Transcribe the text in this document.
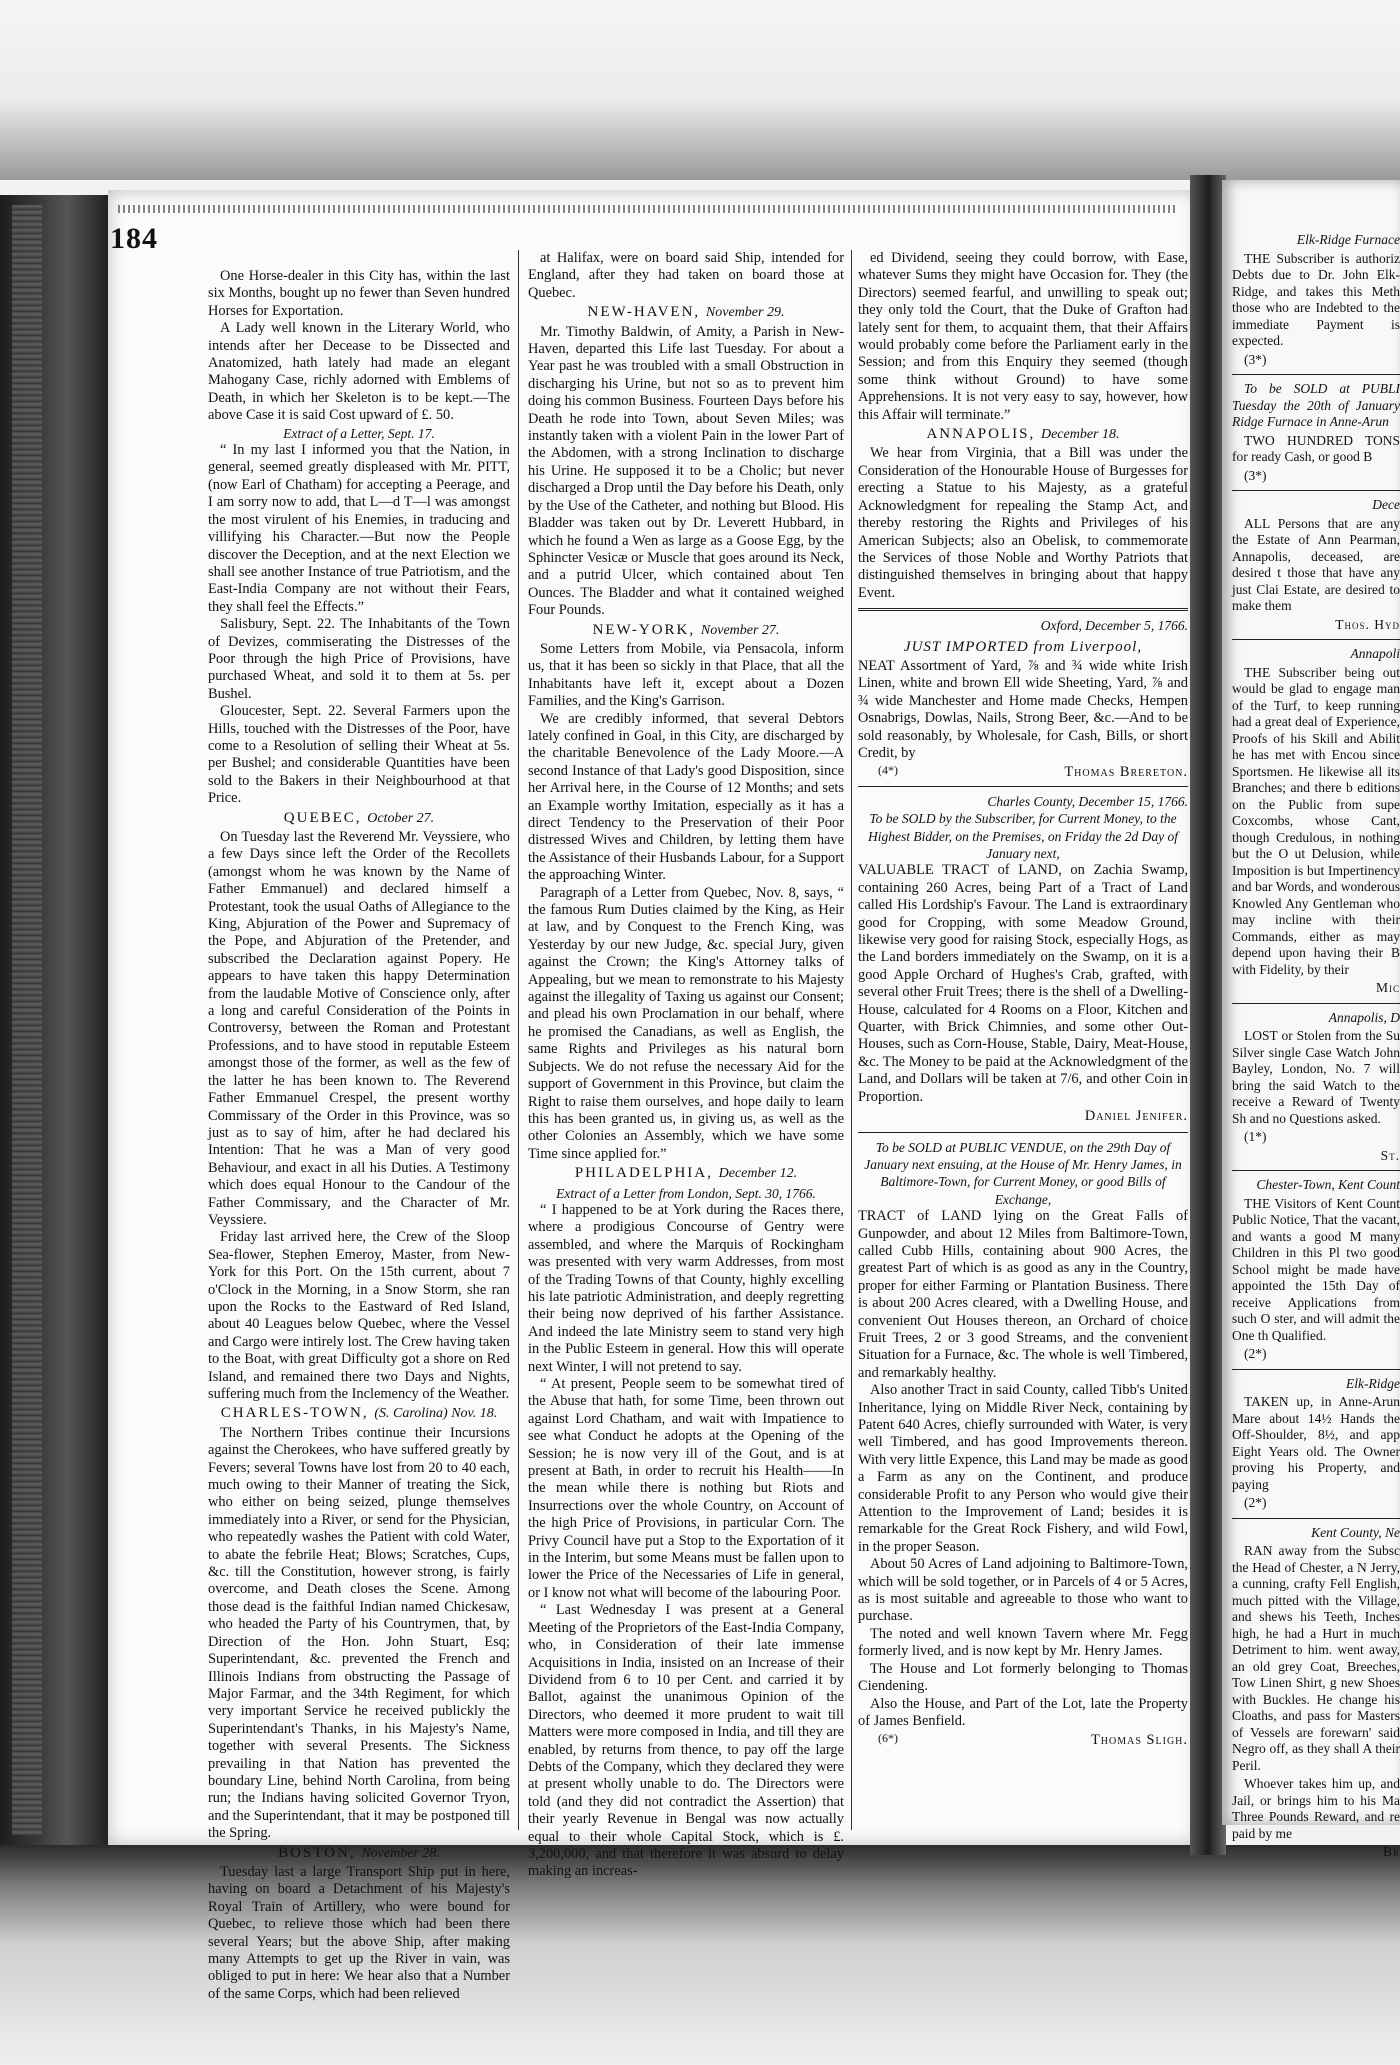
184

One Horse-dealer in this City has, within the last six Months, bought up no fewer than Seven hundred Horses for Exportation.

A Lady well known in the Literary World, who intends after her Decease to be Dissected and Anatomized, hath lately had made an elegant Mahogany Case, richly adorned with Emblems of Death, in which her Skeleton is to be kept.—The above Case it is said Cost upward of £. 50.

Extract of a Letter, Sept. 17.

“ In my last I informed you that the Nation, in general, seemed greatly displeased with Mr. PITT, (now Earl of Chatham) for accepting a Peerage, and I am sorry now to add, that L—d T—l was amongst the most virulent of his Enemies, in traducing and villifying his Character.—But now the People discover the Deception, and at the next Election we shall see another Instance of true Patriotism, and the East-India Company are not without their Fears, they shall feel the Effects.”

Salisbury, Sept. 22. The Inhabitants of the Town of Devizes, commiserating the Distresses of the Poor through the high Price of Provisions, have purchased Wheat, and sold it to them at 5s. per Bushel.

Gloucester, Sept. 22. Several Farmers upon the Hills, touched with the Distresses of the Poor, have come to a Resolution of selling their Wheat at 5s. per Bushel; and considerable Quantities have been sold to the Bakers in their Neighbourhood at that Price.

QUEBEC, October 27.

On Tuesday last the Reverend Mr. Veyssiere, who a few Days since left the Order of the Recollets (amongst whom he was known by the Name of Father Emmanuel) and declared himself a Protestant, took the usual Oaths of Allegiance to the King, Abjuration of the Power and Supremacy of the Pope, and Abjuration of the Pretender, and subscribed the Declaration against Popery. He appears to have taken this happy Determination from the laudable Motive of Conscience only, after a long and careful Consideration of the Points in Controversy, between the Roman and Protestant Professions, and to have stood in reputable Esteem amongst those of the former, as well as the few of the latter he has been known to. The Reverend Father Emmanuel Crespel, the present worthy Commissary of the Order in this Province, was so just as to say of him, after he had declared his Intention: That he was a Man of very good Behaviour, and exact in all his Duties. A Testimony which does equal Honour to the Candour of the Father Commissary, and the Character of Mr. Veyssiere.

Friday last arrived here, the Crew of the Sloop Sea-flower, Stephen Emeroy, Master, from New-York for this Port. On the 15th current, about 7 o'Clock in the Morning, in a Snow Storm, she ran upon the Rocks to the Eastward of Red Island, about 40 Leagues below Quebec, where the Vessel and Cargo were intirely lost. The Crew having taken to the Boat, with great Difficulty got a shore on Red Island, and remained there two Days and Nights, suffering much from the Inclemency of the Weather.

CHARLES-TOWN, (S. Carolina) Nov. 18.

The Northern Tribes continue their Incursions against the Cherokees, who have suffered greatly by Fevers; several Towns have lost from 20 to 40 each, much owing to their Manner of treating the Sick, who either on being seized, plunge themselves immediately into a River, or send for the Physician, who repeatedly washes the Patient with cold Water, to abate the febrile Heat; Blows; Scratches, Cups, &c. till the Constitution, however strong, is fairly overcome, and Death closes the Scene. Among those dead is the faithful Indian named Chickesaw, who headed the Party of his Countrymen, that, by Direction of the Hon. John Stuart, Esq; Superintendant, &c. prevented the French and Illinois Indians from obstructing the Passage of Major Farmar, and the 34th Regiment, for which very important Service he received publickly the Superintendant's Thanks, in his Majesty's Name, together with several Presents. The Sickness prevailing in that Nation has prevented the boundary Line, behind North Carolina, from being run; the Indians having solicited Governor Tryon, and the Superintendant, that it may be postponed till the Spring.

BOSTON, November 28.

Tuesday last a large Transport Ship put in here, having on board a Detachment of his Majesty's Royal Train of Artillery, who were bound for Quebec, to relieve those which had been there several Years; but the above Ship, after making many Attempts to get up the River in vain, was obliged to put in here: We hear also that a Number of the same Corps, which had been relieved

at Halifax, were on board said Ship, intended for England, after they had taken on board those at Quebec.

NEW-HAVEN, November 29.

Mr. Timothy Baldwin, of Amity, a Parish in New-Haven, departed this Life last Tuesday. For about a Year past he was troubled with a small Obstruction in discharging his Urine, but not so as to prevent him doing his common Business. Fourteen Days before his Death he rode into Town, about Seven Miles; was instantly taken with a violent Pain in the lower Part of the Abdomen, with a strong Inclination to discharge his Urine. He supposed it to be a Cholic; but never discharged a Drop until the Day before his Death, only by the Use of the Catheter, and nothing but Blood. His Bladder was taken out by Dr. Leverett Hubbard, in which he found a Wen as large as a Goose Egg, by the Sphincter Vesicæ or Muscle that goes around its Neck, and a putrid Ulcer, which contained about Ten Ounces. The Bladder and what it contained weighed Four Pounds.

NEW-YORK, November 27.

Some Letters from Mobile, via Pensacola, inform us, that it has been so sickly in that Place, that all the Inhabitants have left it, except about a Dozen Families, and the King's Garrison.

We are credibly informed, that several Debtors lately confined in Goal, in this City, are discharged by the charitable Benevolence of the Lady Moore.—A second Instance of that Lady's good Disposition, since her Arrival here, in the Course of 12 Months; and sets an Example worthy Imitation, especially as it has a direct Tendency to the Preservation of their Poor distressed Wives and Children, by letting them have the Assistance of their Husbands Labour, for a Support the approaching Winter.

Paragraph of a Letter from Quebec, Nov. 8, says, “ the famous Rum Duties claimed by the King, as Heir at law, and by Conquest to the French King, was Yesterday by our new Judge, &c. special Jury, given against the Crown; the King's Attorney talks of Appealing, but we mean to remonstrate to his Majesty against the illegality of Taxing us against our Consent; and plead his own Proclamation in our behalf, where he promised the Canadians, as well as English, the same Rights and Privileges as his natural born Subjects. We do not refuse the necessary Aid for the support of Government in this Province, but claim the Right to raise them ourselves, and hope daily to learn this has been granted us, in giving us, as well as the other Colonies an Assembly, which we have some Time since applied for.”

PHILADELPHIA, December 12.
Extract of a Letter from London, Sept. 30, 1766.

“ I happened to be at York during the Races there, where a prodigious Concourse of Gentry were assembled, and where the Marquis of Rockingham was presented with very warm Addresses, from most of the Trading Towns of that County, highly excelling his late patriotic Administration, and deeply regretting their being now deprived of his farther Assistance. And indeed the late Ministry seem to stand very high in the Public Esteem in general. How this will operate next Winter, I will not pretend to say.

“ At present, People seem to be somewhat tired of the Abuse that hath, for some Time, been thrown out against Lord Chatham, and wait with Impatience to see what Conduct he adopts at the Opening of the Session; he is now very ill of the Gout, and is at present at Bath, in order to recruit his Health——In the mean while there is nothing but Riots and Insurrections over the whole Country, on Account of the high Price of Provisions, in particular Corn. The Privy Council have put a Stop to the Exportation of it in the Interim, but some Means must be fallen upon to lower the Price of the Necessaries of Life in general, or I know not what will become of the labouring Poor.

“ Last Wednesday I was present at a General Meeting of the Proprietors of the East-India Company, who, in Consideration of their late immense Acquisitions in India, insisted on an Increase of their Dividend from 6 to 10 per Cent. and carried it by Ballot, against the unanimous Opinion of the Directors, who deemed it more prudent to wait till Matters were more composed in India, and till they are enabled, by returns from thence, to pay off the large Debts of the Company, which they declared they were at present wholly unable to do. The Directors were told (and they did not contradict the Assertion) that their yearly Revenue in Bengal was now actually equal to their whole Capital Stock, which is £. 3,200,000, and that therefore it was absurd to delay making an increas-

ed Dividend, seeing they could borrow, with Ease, whatever Sums they might have Occasion for. They (the Directors) seemed fearful, and unwilling to speak out; they only told the Court, that the Duke of Grafton had lately sent for them, to acquaint them, that their Affairs would probably come before the Parliament early in the Session; and from this Enquiry they seemed (though some think without Ground) to have some Apprehensions. It is not very easy to say, however, how this Affair will terminate.”

ANNAPOLIS, December 18.

We hear from Virginia, that a Bill was under the Consideration of the Honourable House of Burgesses for erecting a Statue to his Majesty, as a grateful Acknowledgment for repealing the Stamp Act, and thereby restoring the Rights and Privileges of his American Subjects; also an Obelisk, to commemorate the Services of those Noble and Worthy Patriots that distinguished themselves in bringing about that happy Event.

Oxford, December 5, 1766.
JUST IMPORTED from Liverpool,

NEAT Assortment of Yard, ⅞ and ¾ wide white Irish Linen, white and brown Ell wide Sheeting, Yard, ⅞ and ¾ wide Manchester and Home made Checks, Hempen Osnabrigs, Dowlas, Nails, Strong Beer, &c.—And to be sold reasonably, by Wholesale, for Cash, Bills, or short Credit, by

(4*)	Thomas Brereton.
Charles County, December 15, 1766.
To be SOLD by the Subscriber, for Current Money, to the Highest Bidder, on the Premises, on Friday the 2d Day of January next,

VALUABLE TRACT of LAND, on Zachia Swamp, containing 260 Acres, being Part of a Tract of Land called His Lordship's Favour. The Land is extraordinary good for Cropping, with some Meadow Ground, likewise very good for raising Stock, especially Hogs, as the Land borders immediately on the Swamp, on it is a good Apple Orchard of Hughes's Crab, grafted, with several other Fruit Trees; there is the shell of a Dwelling-House, calculated for 4 Rooms on a Floor, Kitchen and Quarter, with Brick Chimnies, and some other Out-Houses, such as Corn-House, Stable, Dairy, Meat-House, &c. The Money to be paid at the Acknowledgment of the Land, and Dollars will be taken at 7/6, and other Coin in Proportion.

Daniel Jenifer.
To be SOLD at PUBLIC VENDUE, on the 29th Day of January next ensuing, at the House of Mr. Henry James, in Baltimore-Town, for Current Money, or good Bills of Exchange,

TRACT of LAND lying on the Great Falls of Gunpowder, and about 12 Miles from Baltimore-Town, called Cubb Hills, containing about 900 Acres, the greatest Part of which is as good as any in the Country, proper for either Farming or Plantation Business. There is about 200 Acres cleared, with a Dwelling House, and convenient Out Houses thereon, an Orchard of choice Fruit Trees, 2 or 3 good Streams, and the convenient Situation for a Furnace, &c. The whole is well Timbered, and remarkably healthy.

Also another Tract in said County, called Tibb's United Inheritance, lying on Middle River Neck, containing by Patent 640 Acres, chiefly surrounded with Water, is very well Timbered, and has good Improvements thereon. With very little Expence, this Land may be made as good a Farm as any on the Continent, and produce considerable Profit to any Person who would give their Attention to the Improvement of Land; besides it is remarkable for the Great Rock Fishery, and wild Fowl, in the proper Season.

About 50 Acres of Land adjoining to Baltimore-Town, which will be sold together, or in Parcels of 4 or 5 Acres, as is most suitable and agreeable to those who want to purchase.

The noted and well known Tavern where Mr. Fegg formerly lived, and is now kept by Mr. Henry James.

The House and Lot formerly belonging to Thomas Ciendening.

Also the House, and Part of the Lot, late the Property of James Benfield.

(6*)	Thomas Sligh.

Elk-Ridge Furnace

THE Subscriber is authoriz Debts due to Dr. John Elk-Ridge, and takes this Meth those who are Indebted to the immediate Payment is expected.

(3*)

To be SOLD at PUBLI Tuesday the 20th of January Ridge Furnace in Anne-Arun

TWO HUNDRED TONS for ready Cash, or good B

(3*)

Dece

ALL Persons that are any the Estate of Ann Pearman, Annapolis, deceased, are desired t those that have any just Clai Estate, are desired to make them

Thos. Hyd

Annapoli

THE Subscriber being out would be glad to engage man of the Turf, to keep running had a great deal of Experience, Proofs of his Skill and Abilit he has met with Encou since Sportsmen. He likewise all its Branches; and there b editions on the Public from supe Coxcombs, whose Cant, though Credulous, in nothing but the O ut Delusion, while Imposition is but Impertinency and bar Words, and wonderous Knowled Any Gentleman who may incline with their Commands, either as may depend upon having their B with Fidelity, by their

Mic

Annapolis, D

LOST or Stolen from the Su Silver single Case Watch John Bayley, London, No. 7 will bring the said Watch to the receive a Reward of Twenty Sh and no Questions asked.

(1*)

St.

Chester-Town, Kent Count

THE Visitors of Kent Count Public Notice, That the vacant, and wants a good M many Children in this Pl two good School might be made have appointed the 15th Day of receive Applications from such O ster, and will admit the One th Qualified.

(2*)

Elk-Ridge

TAKEN up, in Anne-Arun Mare about 14½ Hands the Off-Shoulder, 8½, and app Eight Years old. The Owner proving his Property, and paying

(2*)

Kent County, Ne

RAN away from the Subsc the Head of Chester, a N Jerry, a cunning, crafty Fell English, much pitted with the Village, and shews his Teeth, Inches high, he had a Hurt in much Detriment to him. went away, an old grey Coat, Breeches, Tow Linen Shirt, g new Shoes with Buckles. He change his Cloaths, and pass for Masters of Vessels are forewarn' said Negro off, as they shall A their Peril.

Whoever takes him up, and Jail, or brings him to his Ma Three Pounds Reward, and re paid by me

Br
